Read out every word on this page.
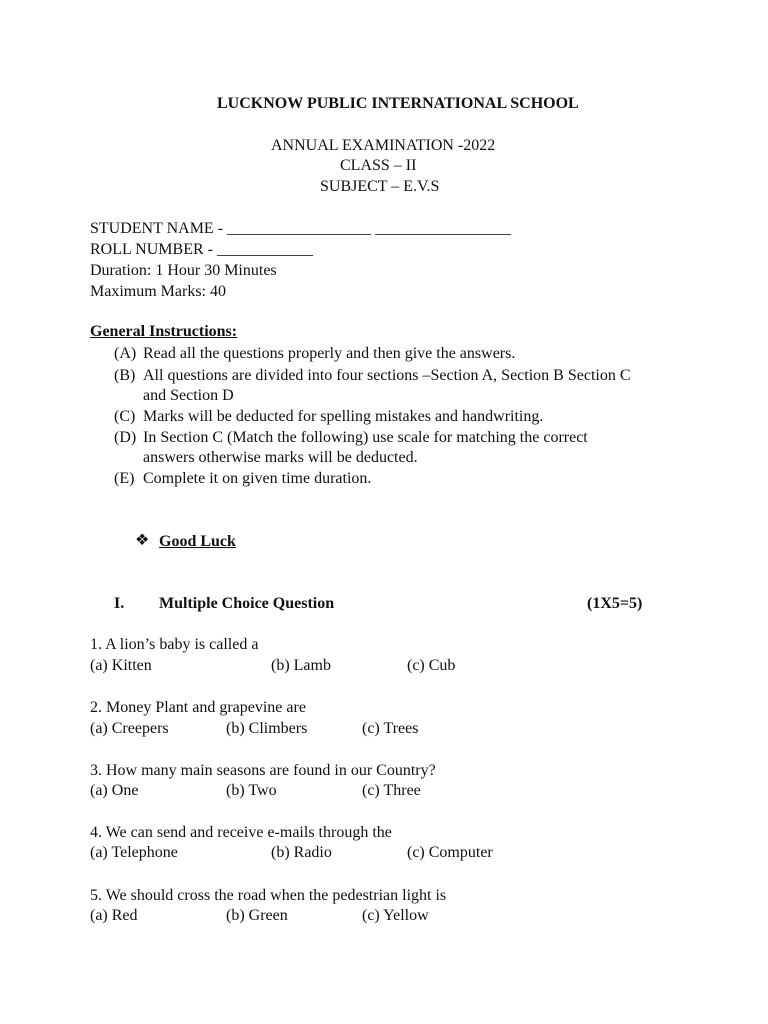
LUCKNOW PUBLIC INTERNATIONAL SCHOOL
ANNUAL EXAMINATION -2022
CLASS – II
SUBJECT – E.V.S
STUDENT NAME - __________________ _________________
ROLL NUMBER - ____________
Duration: 1 Hour 30 Minutes
Maximum Marks: 40
General Instructions:
(A) Read all the questions properly and then give the answers.
(B) All questions are divided into four sections –Section A, Section B Section C
and Section D
(C) Marks will be deducted for spelling mistakes and handwriting.
(D) In Section C (Match the following) use scale for matching the correct
answers otherwise marks will be deducted.
(E) Complete it on given time duration.
❖ Good Luck
I. Multiple Choice Question	(1X5=5)
1. A lion’s baby is called a
(a) Kitten	(b) Lamb	(c) Cub
2. Money Plant and grapevine are
(a) Creepers	(b) Climbers	(c) Trees
3. How many main seasons are found in our Country?
(a) One	(b) Two	(c) Three
4. We can send and receive e-mails through the
(a) Telephone	(b) Radio	(c) Computer
5. We should cross the road when the pedestrian light is
(a) Red	(b) Green	(c) Yellow
